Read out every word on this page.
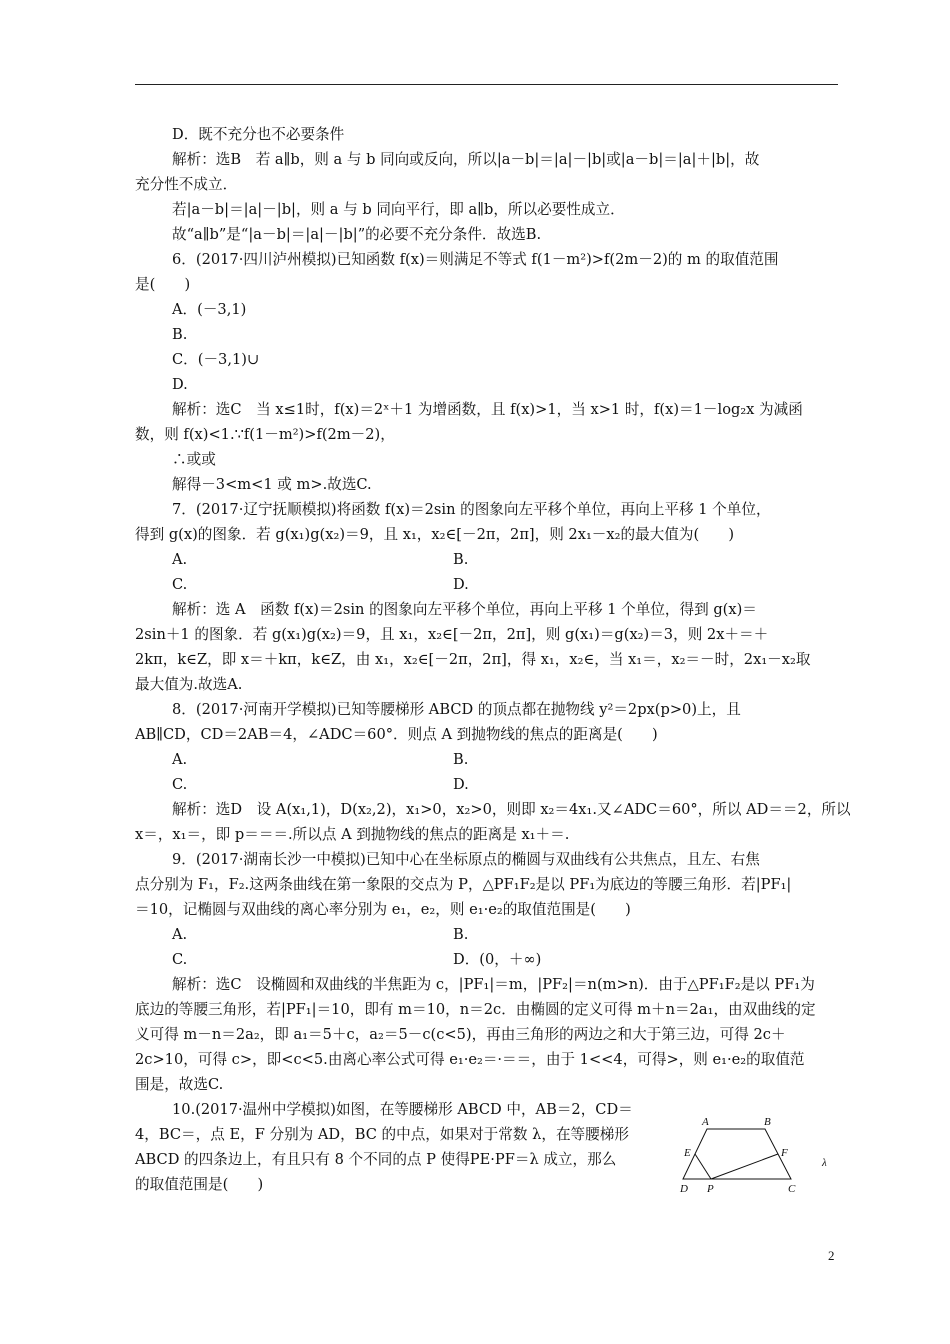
D．既不充分也不必要条件
解析：选B　若 a∥b，则 a 与 b 同向或反向，所以|a－b|＝|a|－|b|或|a－b|＝|a|＋|b|，故
充分性不成立．
若|a－b|＝|a|－|b|，则 a 与 b 同向平行，即 a∥b，所以必要性成立．
故“a∥b”是“|a－b|＝|a|－|b|”的必要不充分条件．故选B.
6．(2017·四川泸州模拟)已知函数 f(x)＝则满足不等式 f(1－m²)>f(2m－2)的 m 的取值范围
是(　　)
A．(－3,1)
B.
C．(－3,1)∪
D.
解析：选C　当 x≤1时，f(x)＝2ˣ＋1 为增函数，且 f(x)>1，当 x>1 时，f(x)＝1－log₂x 为减函
数，则 f(x)<1.∵f(1－m²)>f(2m－2)，
∴或或
解得－3<m<1 或 m>.故选C.
7．(2017·辽宁抚顺模拟)将函数 f(x)＝2sin 的图象向左平移个单位，再向上平移 1 个单位，
得到 g(x)的图象．若 g(x₁)g(x₂)＝9，且 x₁，x₂∈[－2π，2π]，则 2x₁－x₂的最大值为(　　)
A.	B.
C.	D.
解析：选 A　函数 f(x)＝2sin 的图象向左平移个单位，再向上平移 1 个单位，得到 g(x)＝
2sin＋1 的图象．若 g(x₁)g(x₂)＝9，且 x₁，x₂∈[－2π，2π]，则 g(x₁)＝g(x₂)＝3，则 2x＋＝＋
2kπ，k∈Z，即 x＝＋kπ，k∈Z，由 x₁，x₂∈[－2π，2π]，得 x₁，x₂∈，当 x₁＝，x₂＝－时，2x₁－x₂取
最大值为.故选A.
8．(2017·河南开学模拟)已知等腰梯形 ABCD 的顶点都在抛物线 y²＝2px(p>0)上，且
AB∥CD，CD＝2AB＝4，∠ADC＝60°．则点 A 到抛物线的焦点的距离是(　　)
A.	B.
C.	D.
解析：选D　设 A(x₁,1)，D(x₂,2)，x₁>0，x₂>0，则即 x₂＝4x₁.又∠ADC＝60°，所以 AD＝＝2，所以
x＝，x₁＝，即 p＝＝＝.所以点 A 到抛物线的焦点的距离是 x₁＋＝.
9．(2017·湖南长沙一中模拟)已知中心在坐标原点的椭圆与双曲线有公共焦点，且左、右焦
点分别为 F₁，F₂.这两条曲线在第一象限的交点为 P，△PF₁F₂是以 PF₁为底边的等腰三角形．若|PF₁|
＝10，记椭圆与双曲线的离心率分别为 e₁，e₂，则 e₁·e₂的取值范围是(　　)
A.	B.
C.	D．(0，＋∞)
解析：选C　设椭圆和双曲线的半焦距为 c，|PF₁|＝m，|PF₂|＝n(m>n)．由于△PF₁F₂是以 PF₁为
底边的等腰三角形，若|PF₁|＝10，即有 m＝10，n＝2c．由椭圆的定义可得 m＋n＝2a₁，由双曲线的定
义可得 m－n＝2a₂，即 a₁＝5＋c，a₂＝5－c(c<5)，再由三角形的两边之和大于第三边，可得 2c＋
2c>10，可得 c>，即<c<5.由离心率公式可得 e₁·e₂＝·＝＝，由于 1<<4，可得>，则 e₁·e₂的取值范
围是，故选C.
10.(2017·温州中学模拟)如图，在等腰梯形 ABCD 中，AB＝2，CD＝
4，BC＝，点 E，F 分别为 AD，BC 的中点，如果对于常数 λ，在等腰梯形
ABCD 的四条边上，有且只有 8 个不同的点 P 使得PE·PF＝λ 成立，那么
的取值范围是(　　)
A	B
E	F
D P	C
λ
2
